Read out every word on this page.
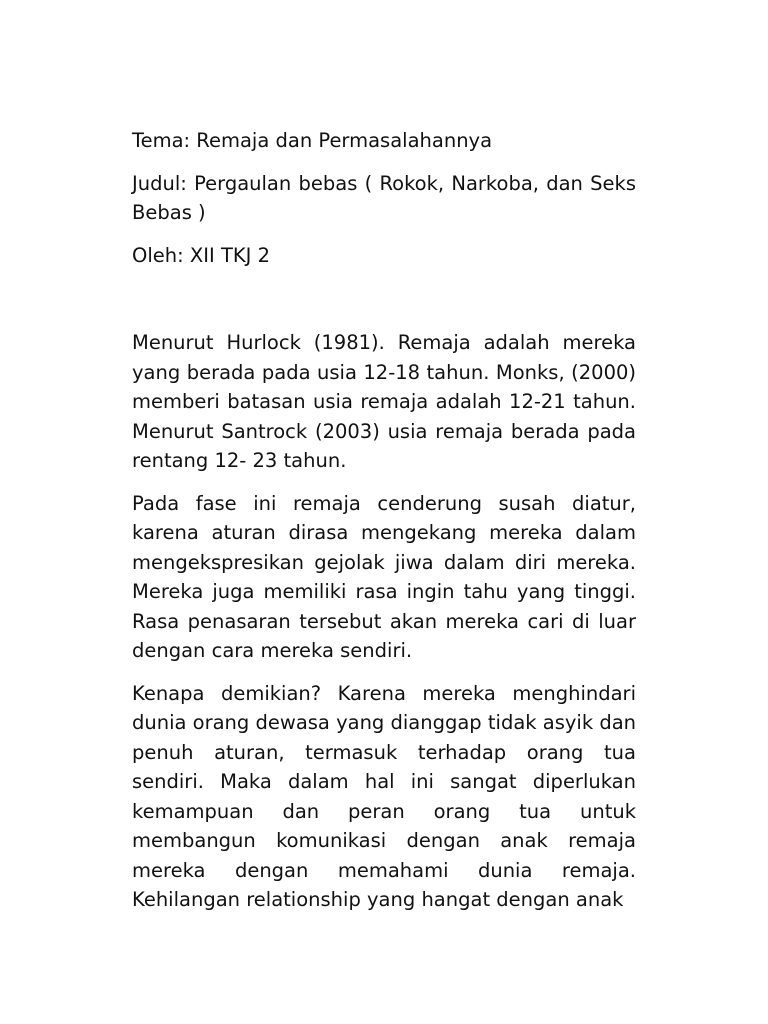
Tema: Remaja dan Permasalahannya

Judul: Pergaulan bebas ( Rokok, Narkoba, dan Seks Bebas )

Oleh: XII TKJ 2

Menurut Hurlock (1981). Remaja adalah mereka yang berada pada usia 12-18 tahun. Monks, (2000) memberi batasan usia remaja adalah 12-21 tahun. Menurut Santrock (2003) usia remaja berada pada rentang 12- 23 tahun.

Pada fase ini remaja cenderung susah diatur, karena aturan dirasa mengekang mereka dalam mengekspresikan gejolak jiwa dalam diri mereka. Mereka juga memiliki rasa ingin tahu yang tinggi. Rasa penasaran tersebut akan mereka cari di luar dengan cara mereka sendiri.

Kenapa demikian? Karena mereka menghindari dunia orang dewasa yang dianggap tidak asyik dan penuh aturan, termasuk terhadap orang tua sendiri. Maka dalam hal ini sangat diperlukan kemampuan dan peran orang tua untuk membangun komunikasi dengan anak remaja mereka dengan memahami dunia remaja. Kehilangan relationship yang hangat dengan anak
